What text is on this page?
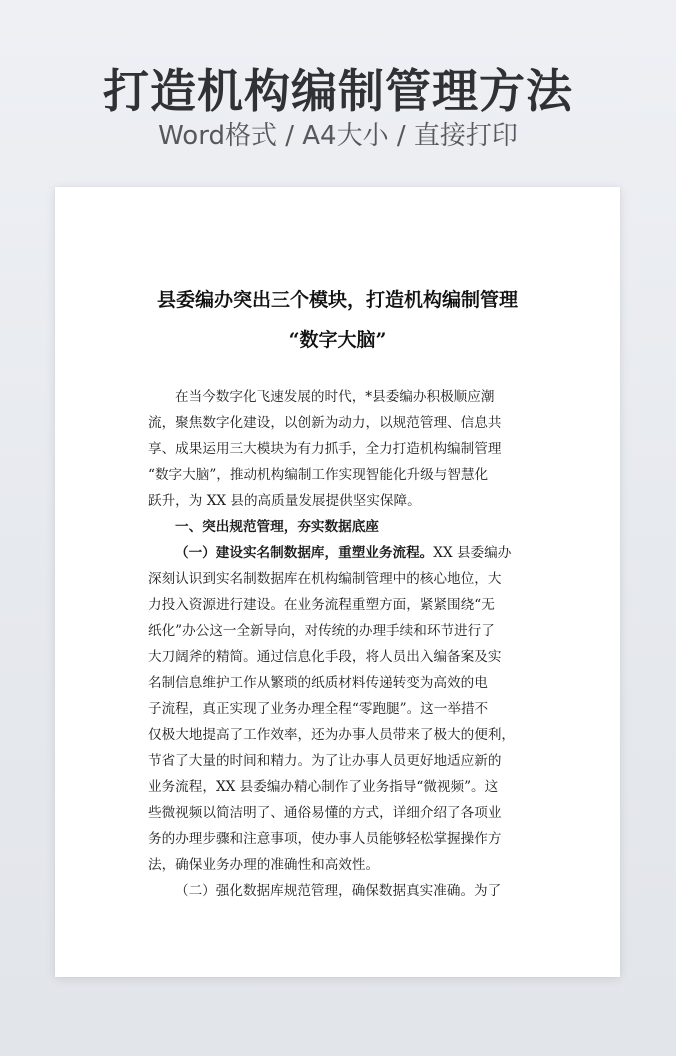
打造机构编制管理方法
Word格式 / A4大小 / 直接打印
县委编办突出三个模块，打造机构编制管理
“数字大脑”
在当今数字化飞速发展的时代，*县委编办积极顺应潮
流，聚焦数字化建设，以创新为动力，以规范管理、信息共
享、成果运用三大模块为有力抓手，全力打造机构编制管理
“数字大脑”，推动机构编制工作实现智能化升级与智慧化
跃升，为 XX 县的高质量发展提供坚实保障。
一、突出规范管理，夯实数据底座
（一）建设实名制数据库，重塑业务流程。XX 县委编办
深刻认识到实名制数据库在机构编制管理中的核心地位，大
力投入资源进行建设。在业务流程重塑方面，紧紧围绕“无
纸化”办公这一全新导向，对传统的办理手续和环节进行了
大刀阔斧的精简。通过信息化手段，将人员出入编备案及实
名制信息维护工作从繁琐的纸质材料传递转变为高效的电
子流程，真正实现了业务办理全程“零跑腿”。这一举措不
仅极大地提高了工作效率，还为办事人员带来了极大的便利，
节省了大量的时间和精力。为了让办事人员更好地适应新的
业务流程，XX 县委编办精心制作了业务指导“微视频”。这
些微视频以简洁明了、通俗易懂的方式，详细介绍了各项业
务的办理步骤和注意事项，使办事人员能够轻松掌握操作方
法，确保业务办理的准确性和高效性。
（二）强化数据库规范管理，确保数据真实准确。为了
